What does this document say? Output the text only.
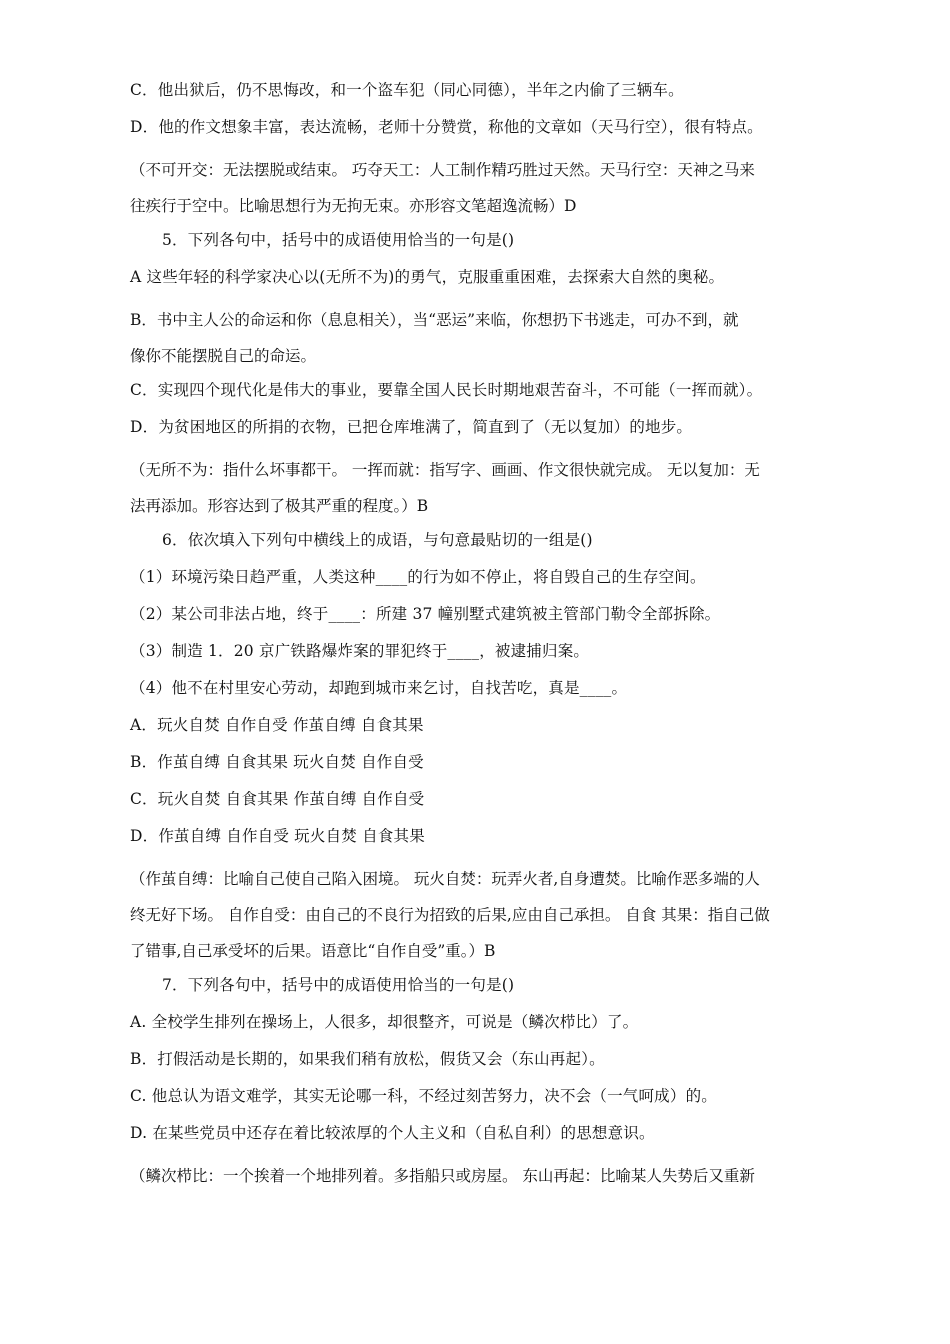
C．他出狱后，仍不思悔改，和一个盗车犯（同心同德），半年之内偷了三辆车。
D．他的作文想象丰富，表达流畅，老师十分赞赏，称他的文章如（天马行空），很有特点。
（不可开交：无法摆脱或结束。 巧夺天工：人工制作精巧胜过天然。天马行空：天神之马来
往疾行于空中。比喻思想行为无拘无束。亦形容文笔超逸流畅）D
5．下列各句中，括号中的成语使用恰当的一句是()
A 这些年轻的科学家决心以(无所不为)的勇气，克服重重困难，去探索大自然的奥秘。
B．书中主人公的命运和你（息息相关），当“恶运”来临，你想扔下书逃走，可办不到，就
像你不能摆脱自己的命运。
C．实现四个现代化是伟大的事业，要靠全国人民长时期地艰苦奋斗，不可能（一挥而就）。
D．为贫困地区的所捐的衣物，已把仓库堆满了，简直到了（无以复加）的地步。
（无所不为：指什么坏事都干。 一挥而就：指写字、画画、作文很快就完成。 无以复加：无
法再添加。形容达到了极其严重的程度。）B
6．依次填入下列句中横线上的成语，与句意最贴切的一组是()
（1）环境污染日趋严重，人类这种____的行为如不停止，将自毁自己的生存空间。
（2）某公司非法占地，终于____：所建 37 幢别墅式建筑被主管部门勒令全部拆除。
（3）制造 1．20 京广铁路爆炸案的罪犯终于____，被逮捕归案。
（4）他不在村里安心劳动，却跑到城市来乞讨，自找苦吃，真是____。
A．玩火自焚 自作自受 作茧自缚 自食其果
B．作茧自缚 自食其果 玩火自焚 自作自受
C．玩火自焚 自食其果 作茧自缚 自作自受
D．作茧自缚 自作自受 玩火自焚 自食其果
（作茧自缚：比喻自己使自己陷入困境。 玩火自焚：玩弄火者,自身遭焚。比喻作恶多端的人
终无好下场。 自作自受：由自己的不良行为招致的后果,应由自己承担。 自食 其果：指自己做
了错事,自己承受坏的后果。语意比“自作自受”重。）B
7．下列各句中，括号中的成语使用恰当的一句是()
A. 全校学生排列在操场上，人很多，却很整齐，可说是（鳞次栉比）了。
B．打假活动是长期的，如果我们稍有放松，假货又会（东山再起）。
C. 他总认为语文难学，其实无论哪一科，不经过刻苦努力，决不会（一气呵成）的。
D. 在某些党员中还存在着比较浓厚的个人主义和（自私自利）的思想意识。
（鳞次栉比：一个挨着一个地排列着。多指船只或房屋。 东山再起：比喻某人失势后又重新
